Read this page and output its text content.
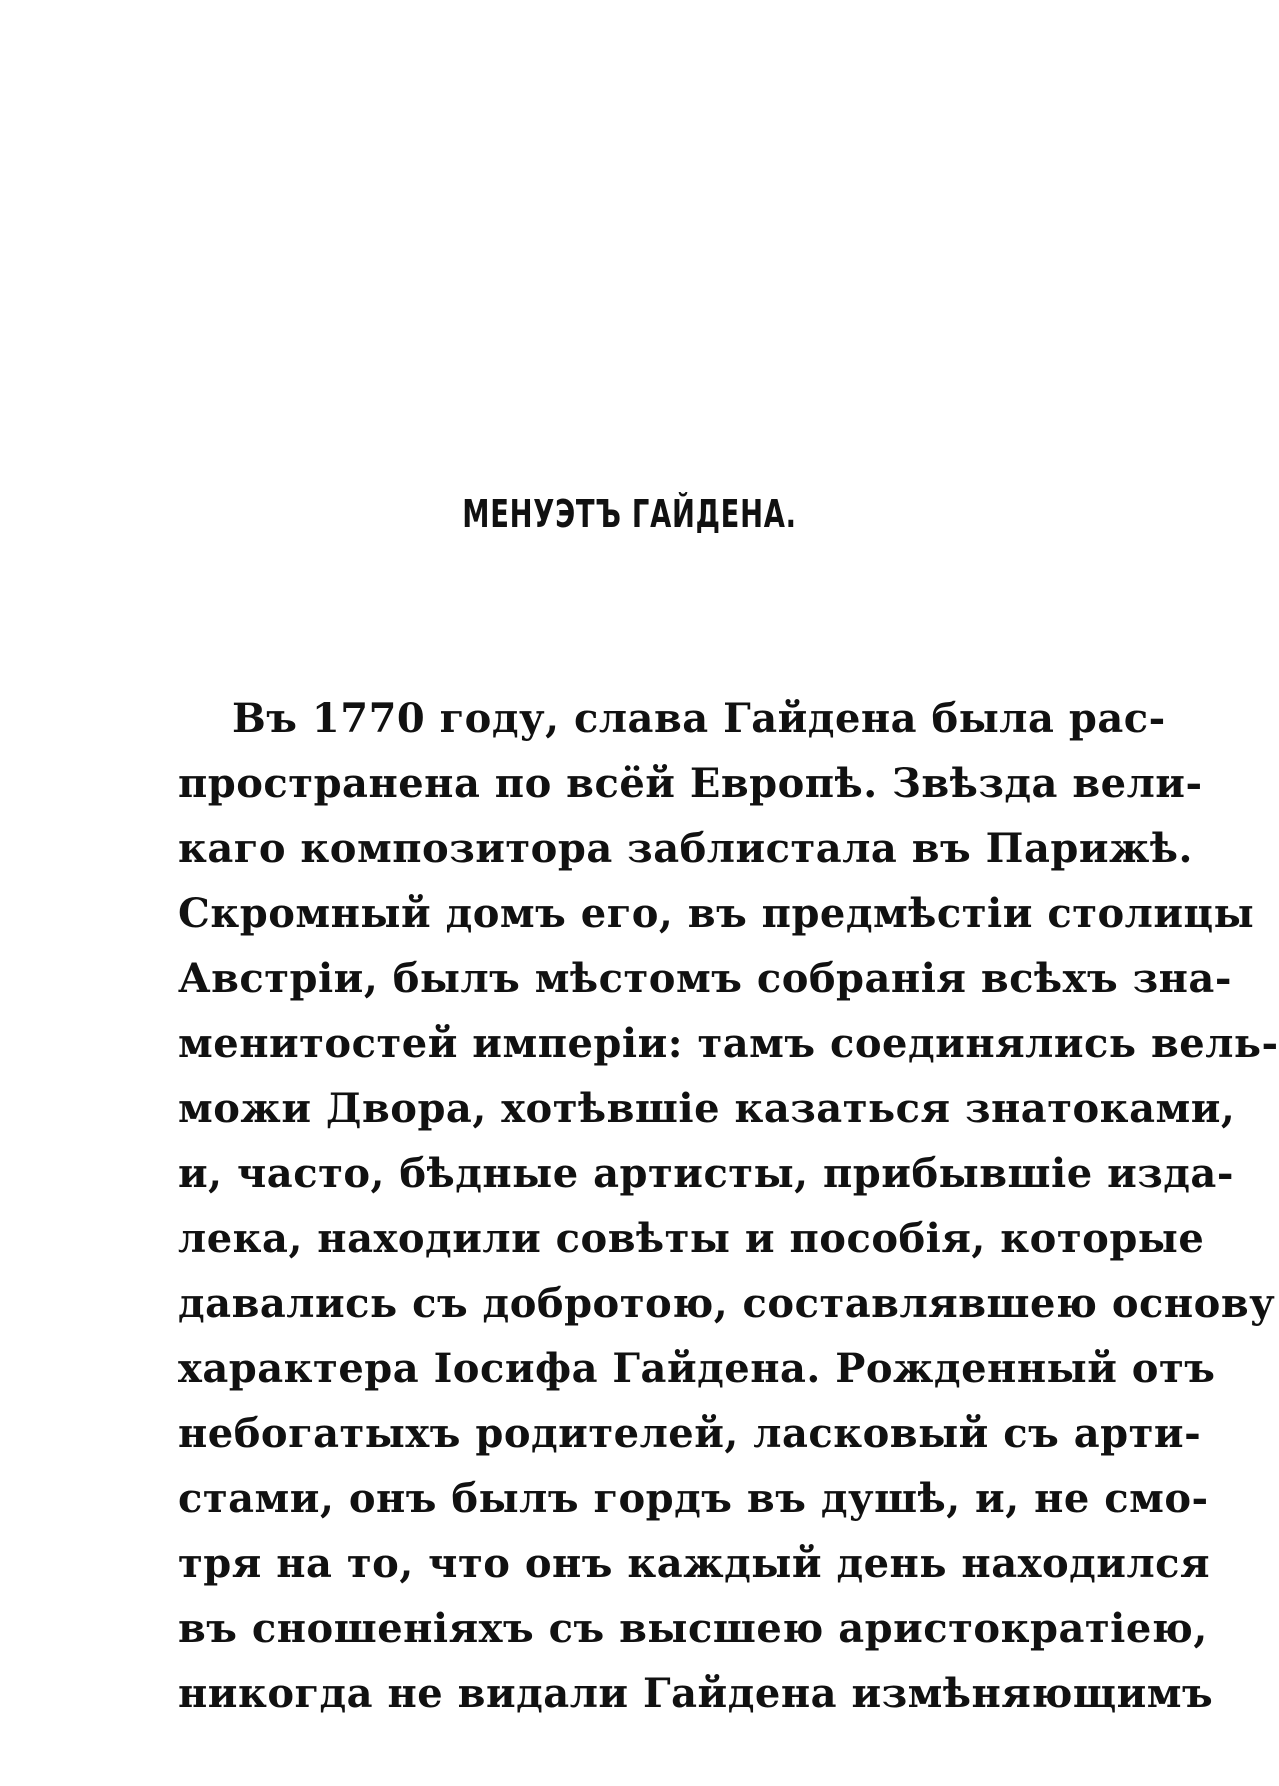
МЕНУЭТЪ ГАЙДЕНА.
Въ 1770 году, слава Гайдена была рас-
пространена по всёй Европѣ. Звѣзда вели-
каго композитора заблистала въ Парижѣ.
Скромный домъ его, въ предмѣстіи столицы
Австріи, былъ мѣстомъ собранія всѣхъ зна-
менитостей имперіи: тамъ соединялись вель-
можи Двора, хотѣвшіе казаться знатоками,
и, часто, бѣдные артисты, прибывшіе изда-
лека, находили совѣты и пособія, которые
давались съ добротою, составлявшею основу
характера Іосифа Гайдена. Рожденный отъ
небогатыхъ родителей, ласковый съ арти-
стами, онъ былъ гордъ въ душѣ, и, не смо-
тря на то, что онъ каждый день находился
въ сношеніяхъ съ высшею аристократіею,
никогда не видали Гайдена измѣняющимъ
